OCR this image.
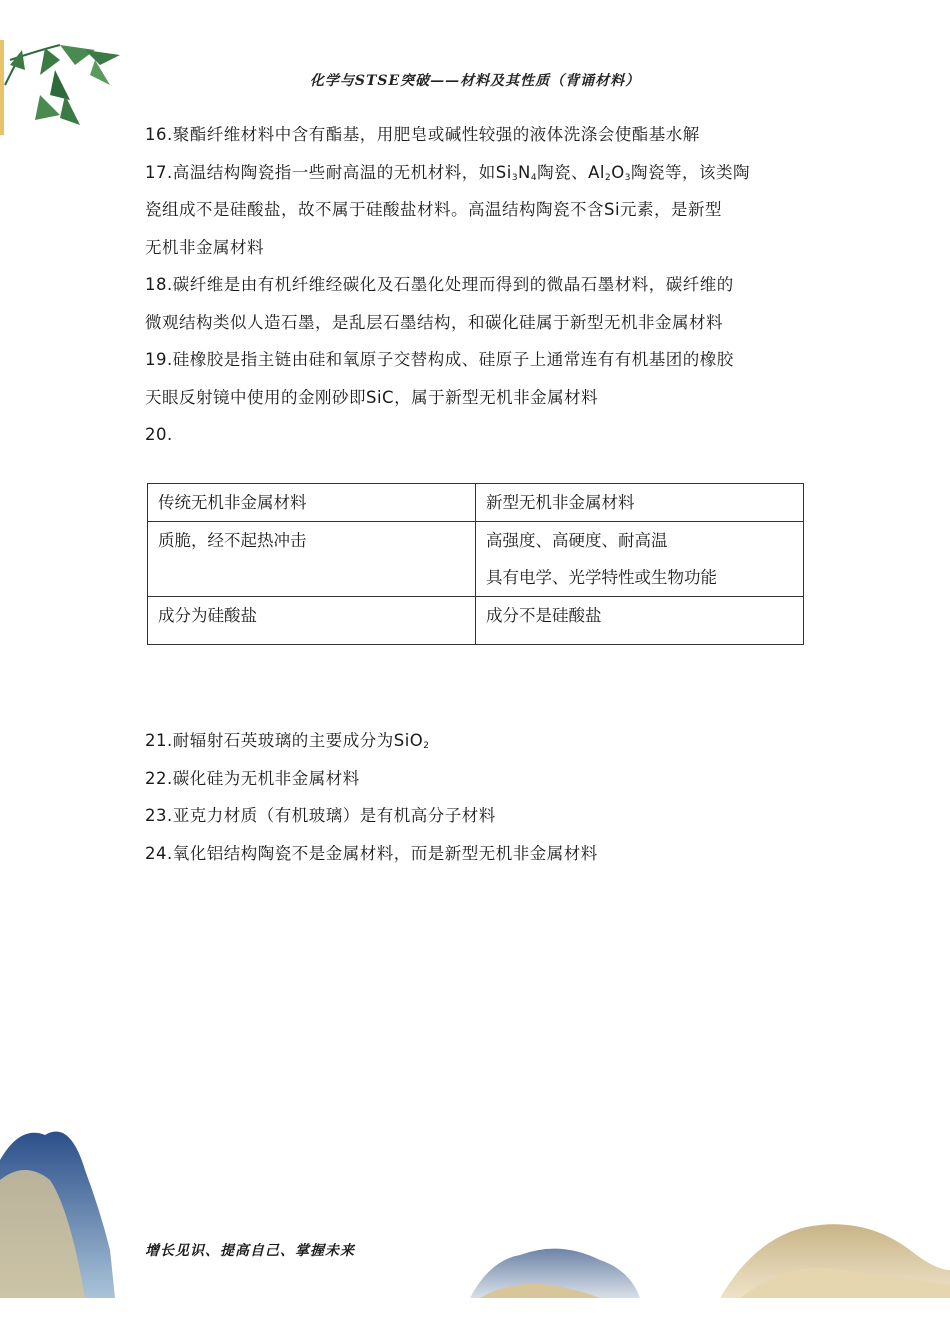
化学与STSE突破——材料及其性质（背诵材料）
16.聚酯纤维材料中含有酯基，用肥皂或碱性较强的液体洗涤会使酯基水解
17.高温结构陶瓷指一些耐高温的无机材料，如$Si_3N_4$陶瓷、$Al_2O_3$陶瓷等，该类陶
瓷组成不是硅酸盐，故不属于硅酸盐材料。高温结构陶瓷不含Si元素，是新型
无机非金属材料
18.碳纤维是由有机纤维经碳化及石墨化处理而得到的微晶石墨材料，碳纤维的
微观结构类似人造石墨，是乱层石墨结构，和碳化硅属于新型无机非金属材料
19.硅橡胶是指主链由硅和氧原子交替构成、硅原子上通常连有有机基团的橡胶
天眼反射镜中使用的金刚砂即SiC，属于新型无机非金属材料
20.
传统无机非金属材料	新型无机非金属材料
质脆，经不起热冲击	高强度、高硬度、耐高温
具有电学、光学特性或生物功能

成分为硅酸盐	成分不是硅酸盐
21.耐辐射石英玻璃的主要成分为SiO$_2$
22.碳化硅为无机非金属材料
23.亚克力材质（有机玻璃）是有机高分子材料
24.氧化铝结构陶瓷不是金属材料，而是新型无机非金属材料
增长见识、提高自己、掌握未来
